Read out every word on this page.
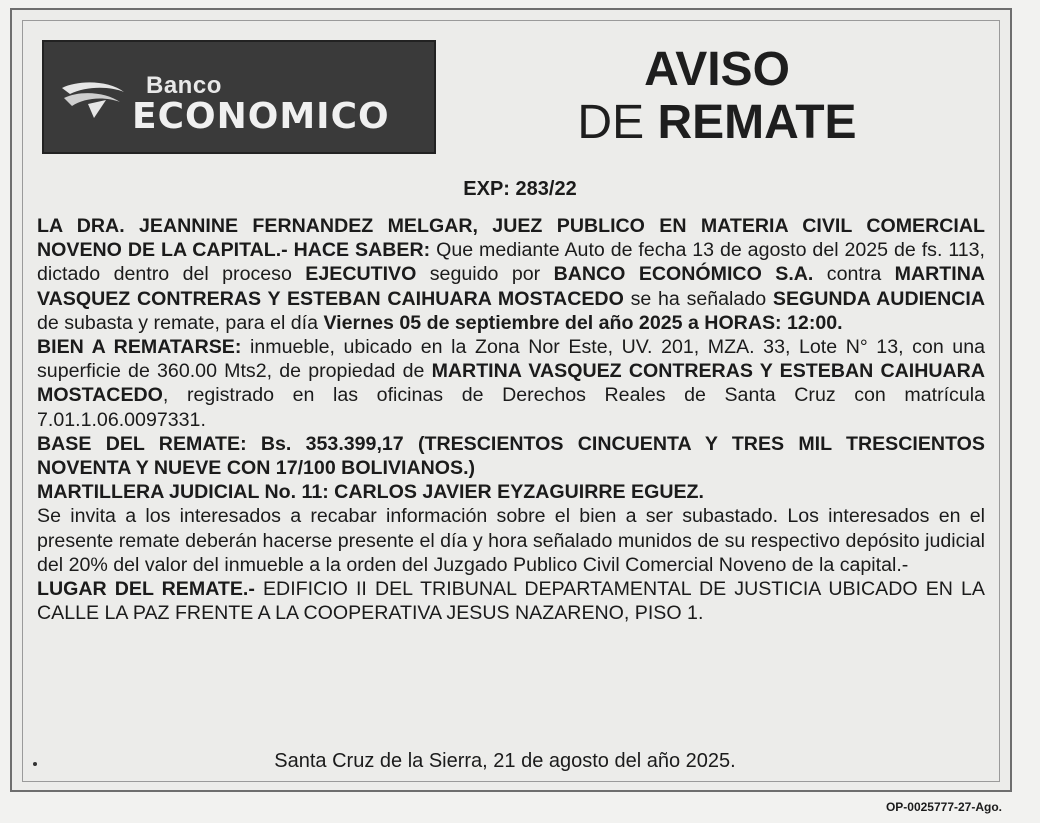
Banco
ECONOMICO
AVISO
DE REMATE
EXP: 283/22

LA DRA. JEANNINE FERNANDEZ MELGAR, JUEZ PUBLICO EN MATERIA CIVIL COMERCIAL NOVENO DE LA CAPITAL.- HACE SABER: Que mediante Auto de fecha 13 de agosto del 2025 de fs. 113, dictado dentro del proceso EJECUTIVO seguido por BANCO ECONÓMICO S.A. contra MARTINA VASQUEZ CONTRERAS Y ESTEBAN CAIHUARA MOSTACEDO se ha señalado SEGUNDA AUDIENCIA de subasta y remate, para el día Viernes 05 de septiembre del año 2025 a HORAS: 12:00.

BIEN A REMATARSE: inmueble, ubicado en la Zona Nor Este, UV. 201, MZA. 33, Lote N° 13, con una superficie de 360.00 Mts2, de propiedad de MARTINA VASQUEZ CONTRERAS Y ESTEBAN CAIHUARA MOSTACEDO, registrado en las oficinas de Derechos Reales de Santa Cruz con matrícula 7.01.1.06.0097331.

BASE DEL REMATE: Bs. 353.399,17 (TRESCIENTOS CINCUENTA Y TRES MIL TRESCIENTOS NOVENTA Y NUEVE CON 17/100 BOLIVIANOS.)

MARTILLERA JUDICIAL No. 11: CARLOS JAVIER EYZAGUIRRE EGUEZ.

Se invita a los interesados a recabar información sobre el bien a ser subastado. Los interesados en el presente remate deberán hacerse presente el día y hora señalado munidos de su respectivo depósito judicial del 20% del valor del inmueble a la orden del Juzgado Publico Civil Comercial Noveno de la capital.-

LUGAR DEL REMATE.- EDIFICIO II DEL TRIBUNAL DEPARTAMENTAL DE JUSTICIA UBICADO EN LA CALLE LA PAZ FRENTE A LA COOPERATIVA JESUS NAZARENO, PISO 1.

Santa Cruz de la Sierra, 21 de agosto del año 2025.
OP-0025777-27-Ago.
